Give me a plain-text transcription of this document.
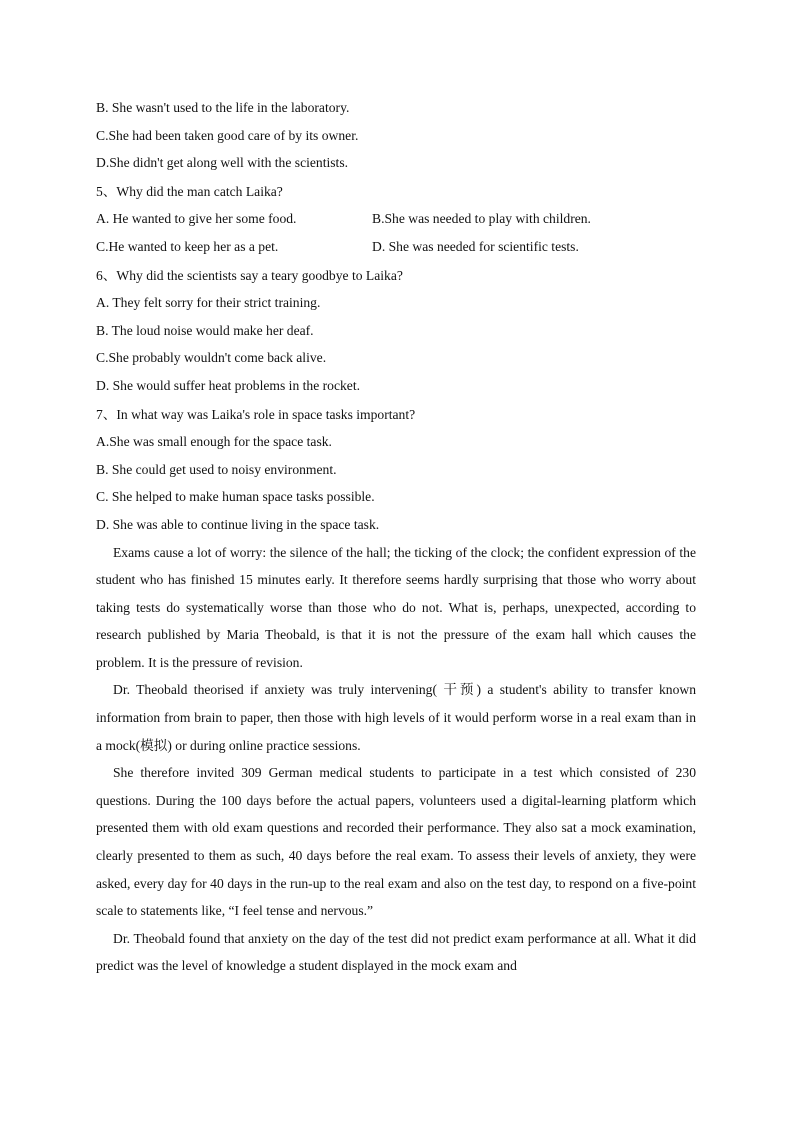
B. She wasn't used to the life in the laboratory.
C.She had been taken good care of by its owner.
D.She didn't get along well with the scientists.
5、Why did the man catch Laika?
A. He wanted to give her some food.	B.She was needed to play with children.
C.He wanted to keep her as a pet.	D. She was needed for scientific tests.
6、Why did the scientists say a teary goodbye to Laika?
A. They felt sorry for their strict training.
B. The loud noise would make her deaf.
C.She probably wouldn't come back alive.
D. She would suffer heat problems in the rocket.
7、In what way was Laika's role in space tasks important?
A.She was small enough for the space task.
B. She could get used to noisy environment.
C. She helped to make human space tasks possible.
D. She was able to continue living in the space task.

Exams cause a lot of worry: the silence of the hall; the ticking of the clock; the confident expression of the student who has finished 15 minutes early. It therefore seems hardly surprising that those who worry about taking tests do systematically worse than those who do not. What is, perhaps, unexpected, according to research published by Maria Theobald, is that it is not the pressure of the exam hall which causes the problem. It is the pressure of revision.

Dr. Theobald theorised if anxiety was truly intervening( 干预) a student's ability to transfer known information from brain to paper, then those with high levels of it would perform worse in a real exam than in a mock(模拟) or during online practice sessions.

She therefore invited 309 German medical students to participate in a test which consisted of 230 questions. During the 100 days before the actual papers, volunteers used a digital-learning platform which presented them with old exam questions and recorded their performance. They also sat a mock examination, clearly presented to them as such, 40 days before the real exam. To assess their levels of anxiety, they were asked, every day for 40 days in the run-up to the real exam and also on the test day, to respond on a five-point scale to statements like, “I feel tense and nervous.”

Dr. Theobald found that anxiety on the day of the test did not predict exam performance at all. What it did predict was the level of knowledge a student displayed in the mock exam and
